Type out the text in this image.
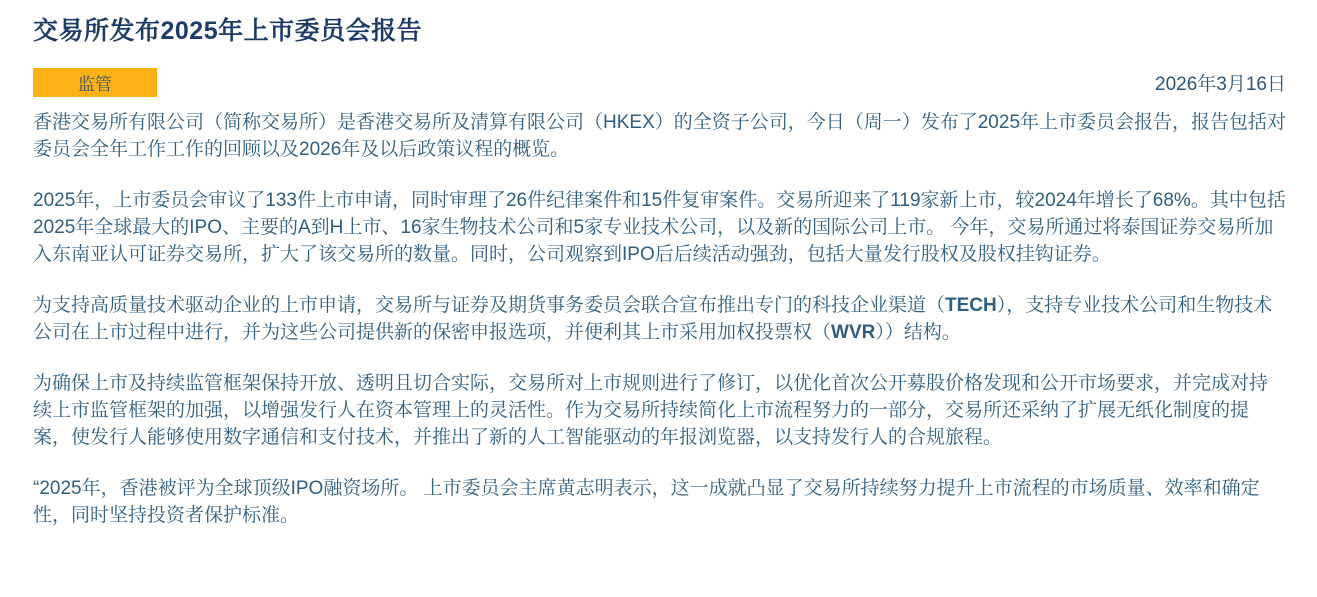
交易所发布2025年上市委员会报告
监管	2026年3月16日

香港交易所有限公司（简称交易所）是香港交易所及清算有限公司（HKEX）的全资子公司，今日（周一）发布了2025年上市委员会报告，报告包括对委员会全年工作工作的回顾以及2026年及以后政策议程的概览。

2025年，上市委员会审议了133件上市申请，同时审理了26件纪律案件和15件复审案件。交易所迎来了119家新上市，较2024年增长了68%。其中包括2025年全球最大的IPO、主要的A到H上市、16家生物技术公司和5家专业技术公司，以及新的国际公司上市。 今年，交易所通过将泰国证券交易所加入东南亚认可证券交易所，扩大了该交易所的数量。同时，公司观察到IPO后后续活动强劲，包括大量发行股权及股权挂钩证券。

为支持高质量技术驱动企业的上市申请，交易所与证券及期货事务委员会联合宣布推出专门的科技企业渠道（TECH），支持专业技术公司和生物技术公司在上市过程中进行，并为这些公司提供新的保密申报选项，并便利其上市采用加权投票权（WVR））结构。

为确保上市及持续监管框架保持开放、透明且切合实际，交易所对上市规则进行了修订，以优化首次公开募股价格发现和公开市场要求，并完成对持续上市监管框架的加强，以增强发行人在资本管理上的灵活性。作为交易所持续简化上市流程努力的一部分，交易所还采纳了扩展无纸化制度的提案，使发行人能够使用数字通信和支付技术，并推出了新的人工智能驱动的年报浏览器，以支持发行人的合规旅程。

“2025年，香港被评为全球顶级IPO融资场所。 上市委员会主席黄志明表示，这一成就凸显了交易所持续努力提升上市流程的市场质量、效率和确定性，同时坚持投资者保护标准。
